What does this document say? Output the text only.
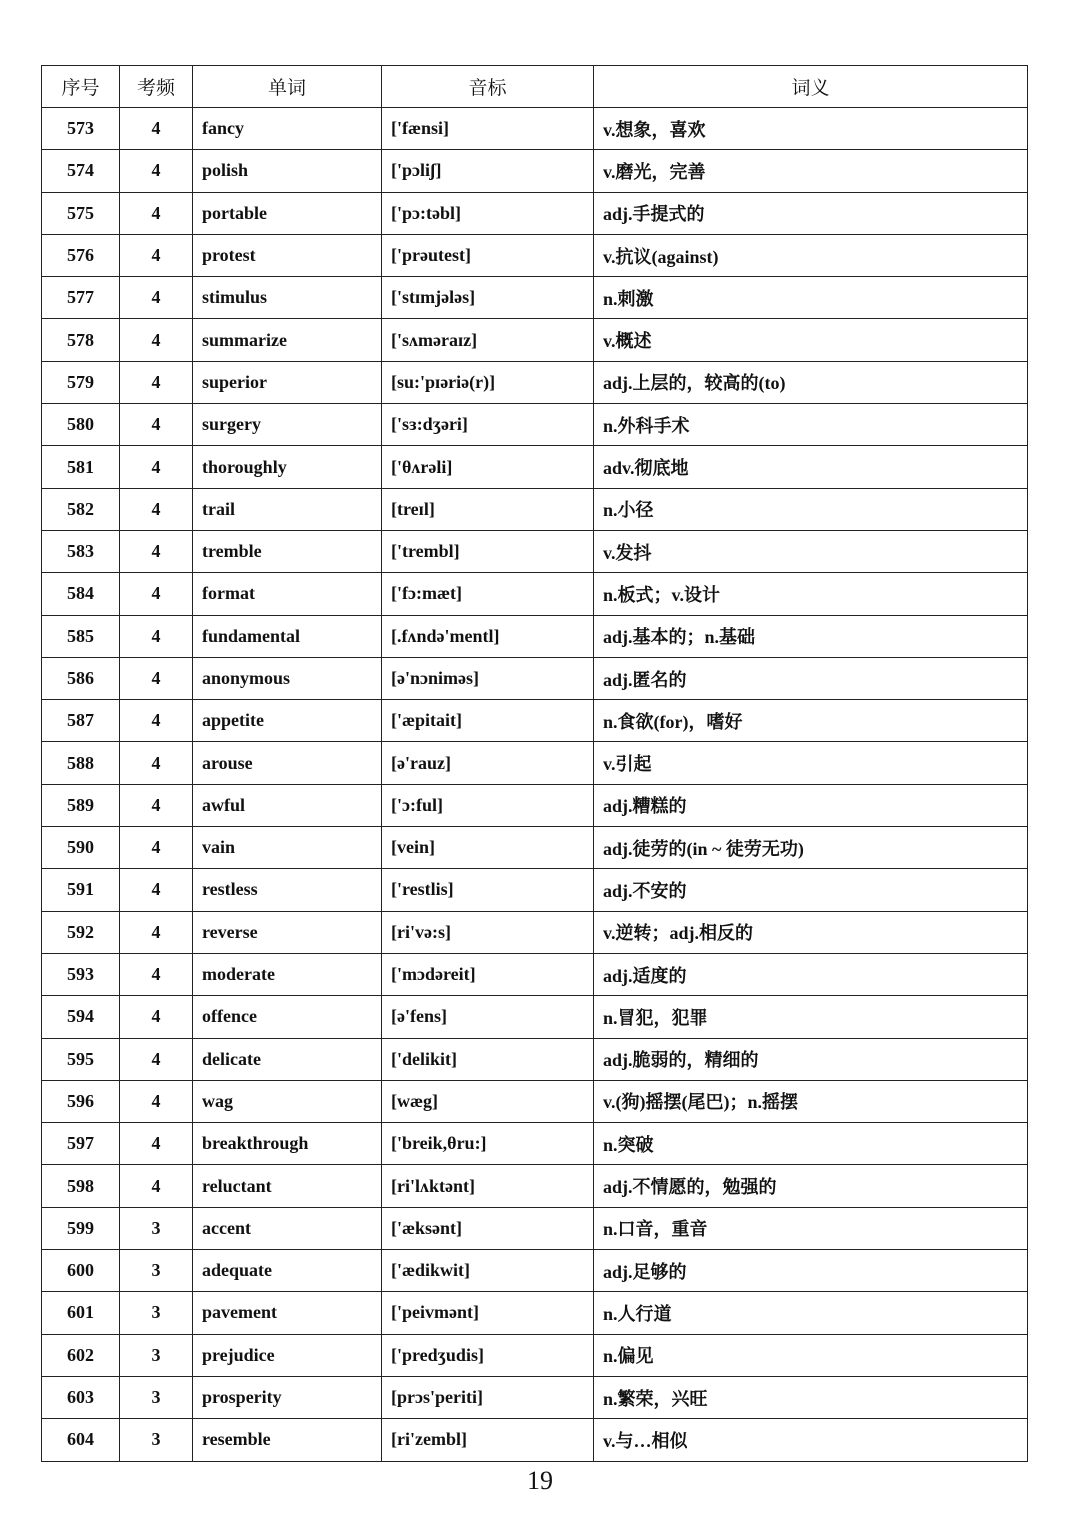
序号	考频	单词	音标	词义
573	4	fancy	['fænsi]	v.想象，喜欢
574	4	polish	['pɔliʃ]	v.磨光，完善
575	4	portable	['pɔ:təbl]	adj.手提式的
576	4	protest	['prəutest]	v.抗议(against)
577	4	stimulus	['stɪmjələs]	n.刺激
578	4	summarize	['sʌməraɪz]	v.概述
579	4	superior	[su:'pɪəriə(r)]	adj.上层的，较高的(to)
580	4	surgery	['sɜ:dʒəri]	n.外科手术
581	4	thoroughly	['θʌrəli]	adv.彻底地
582	4	trail	[treɪl]	n.小径
583	4	tremble	['trembl]	v.发抖
584	4	format	['fɔ:mæt]	n.板式；v.设计
585	4	fundamental	[.fʌndə'mentl]	adj.基本的；n.基础
586	4	anonymous	[ə'nɔniməs]	adj.匿名的
587	4	appetite	['æpitait]	n.食欲(for)，嗜好
588	4	arouse	[ə'rauz]	v.引起
589	4	awful	['ɔ:ful]	adj.糟糕的
590	4	vain	[vein]	adj.徒劳的(in ~ 徒劳无功)
591	4	restless	['restlis]	adj.不安的
592	4	reverse	[ri'və:s]	v.逆转；adj.相反的
593	4	moderate	['mɔdəreit]	adj.适度的
594	4	offence	[ə'fens]	n.冒犯，犯罪
595	4	delicate	['delikit]	adj.脆弱的，精细的
596	4	wag	[wæg]	v.(狗)摇摆(尾巴)；n.摇摆
597	4	breakthrough	['breik,θru:]	n.突破
598	4	reluctant	[ri'lʌktənt]	adj.不情愿的，勉强的
599	3	accent	['æksənt]	n.口音，重音
600	3	adequate	['ædikwit]	adj.足够的
601	3	pavement	['peivmənt]	n.人行道
602	3	prejudice	['predʒudis]	n.偏见
603	3	prosperity	[prɔs'periti]	n.繁荣，兴旺
604	3	resemble	[ri'zembl]	v.与…相似
19
